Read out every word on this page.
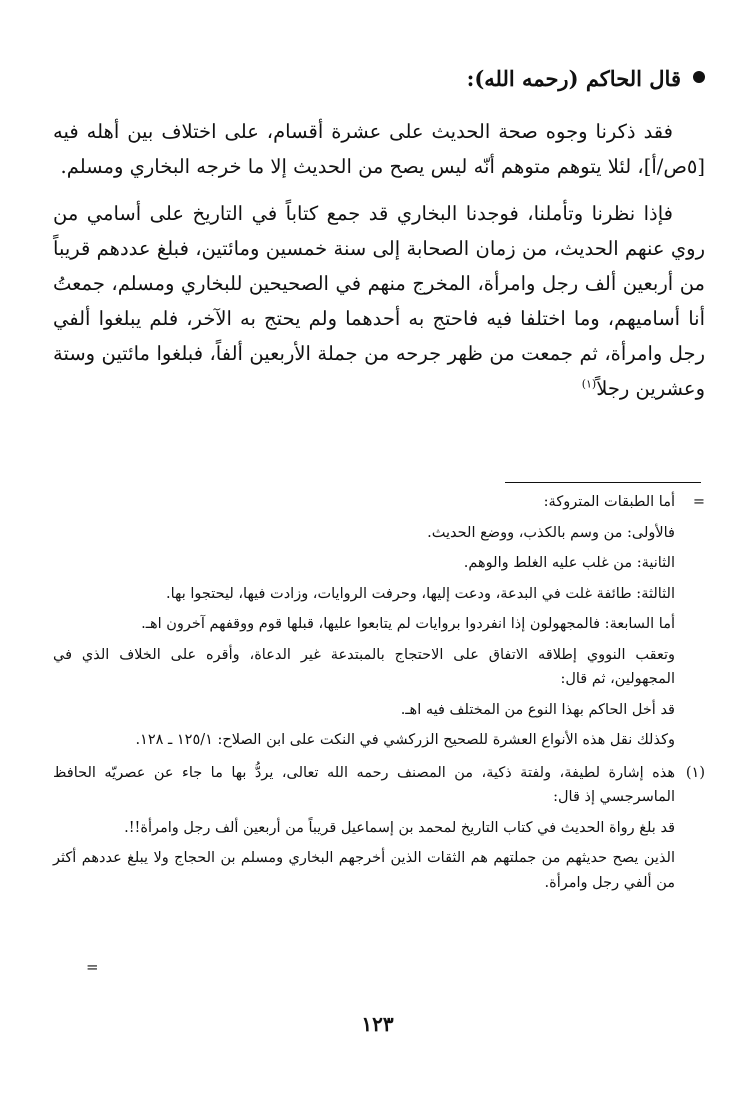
قال الحاكم (رحمه الله):

فقد ذكرنا وجوه صحة الحديث على عشرة أقسام، على اختلاف بين أهله فيه [٥ص/أ]، لئلا يتوهم متوهم أنّه ليس يصح من الحديث إلا ما خرجه البخاري ومسلم.

فإذا نظرنا وتأملنا، فوجدنا البخاري قد جمع كتاباً في التاريخ على أسامي من روي عنهم الحديث، من زمان الصحابة إلى سنة خمسين ومائتين، فبلغ عددهم قريباً من أربعين ألف رجل وامرأة، المخرج منهم في الصحيحين للبخاري ومسلم، جمعتُ أنا أساميهم، وما اختلفا فيه فاحتج به أحدهما ولم يحتج به الآخر، فلم يبلغوا ألفي رجل وامرأة، ثم جمعت من ظهر جرحه من جملة الأربعين ألفاً، فبلغوا مائتين وستة وعشرين رجلاً$^{(١)}$

=

أما الطبقات المتروكة:

فالأولى: من وسم بالكذب، ووضع الحديث.

الثانية: من غلب عليه الغلط والوهم.

الثالثة: طائفة غلت في البدعة، ودعت إليها، وحرفت الروايات، وزادت فيها، ليحتجوا بها.

أما السابعة: فالمجهولون إذا انفردوا بروايات لم يتابعوا عليها، قبلها قوم ووقفهم آخرون اهـ.

وتعقب النووي إطلاقه الاتفاق على الاحتجاج بالمبتدعة غير الدعاة، وأقره على الخلاف الذي في المجهولين، ثم قال:

قد أخل الحاكم بهذا النوع من المختلف فيه اهـ.

وكذلك نقل هذه الأنواع العشرة للصحيح الزركشي في النكت على ابن الصلاح: ١٢٥/١ ـ ١٢٨.

(١)

هذه إشارة لطيفة، ولفتة ذكية، من المصنف رحمه الله تعالى، يردُّ بها ما جاء عن عصريّه الحافظ الماسرجسي إذ قال:

قد بلغ رواة الحديث في كتاب التاريخ لمحمد بن إسماعيل قريباً من أربعين ألف رجل وامرأة!!.

الذين يصح حديثهم من جملتهم هم الثقات الذين أخرجهم البخاري ومسلم بن الحجاج ولا يبلغ عددهم أكثر من ألفي رجل وامرأة.

=
١٢٣
